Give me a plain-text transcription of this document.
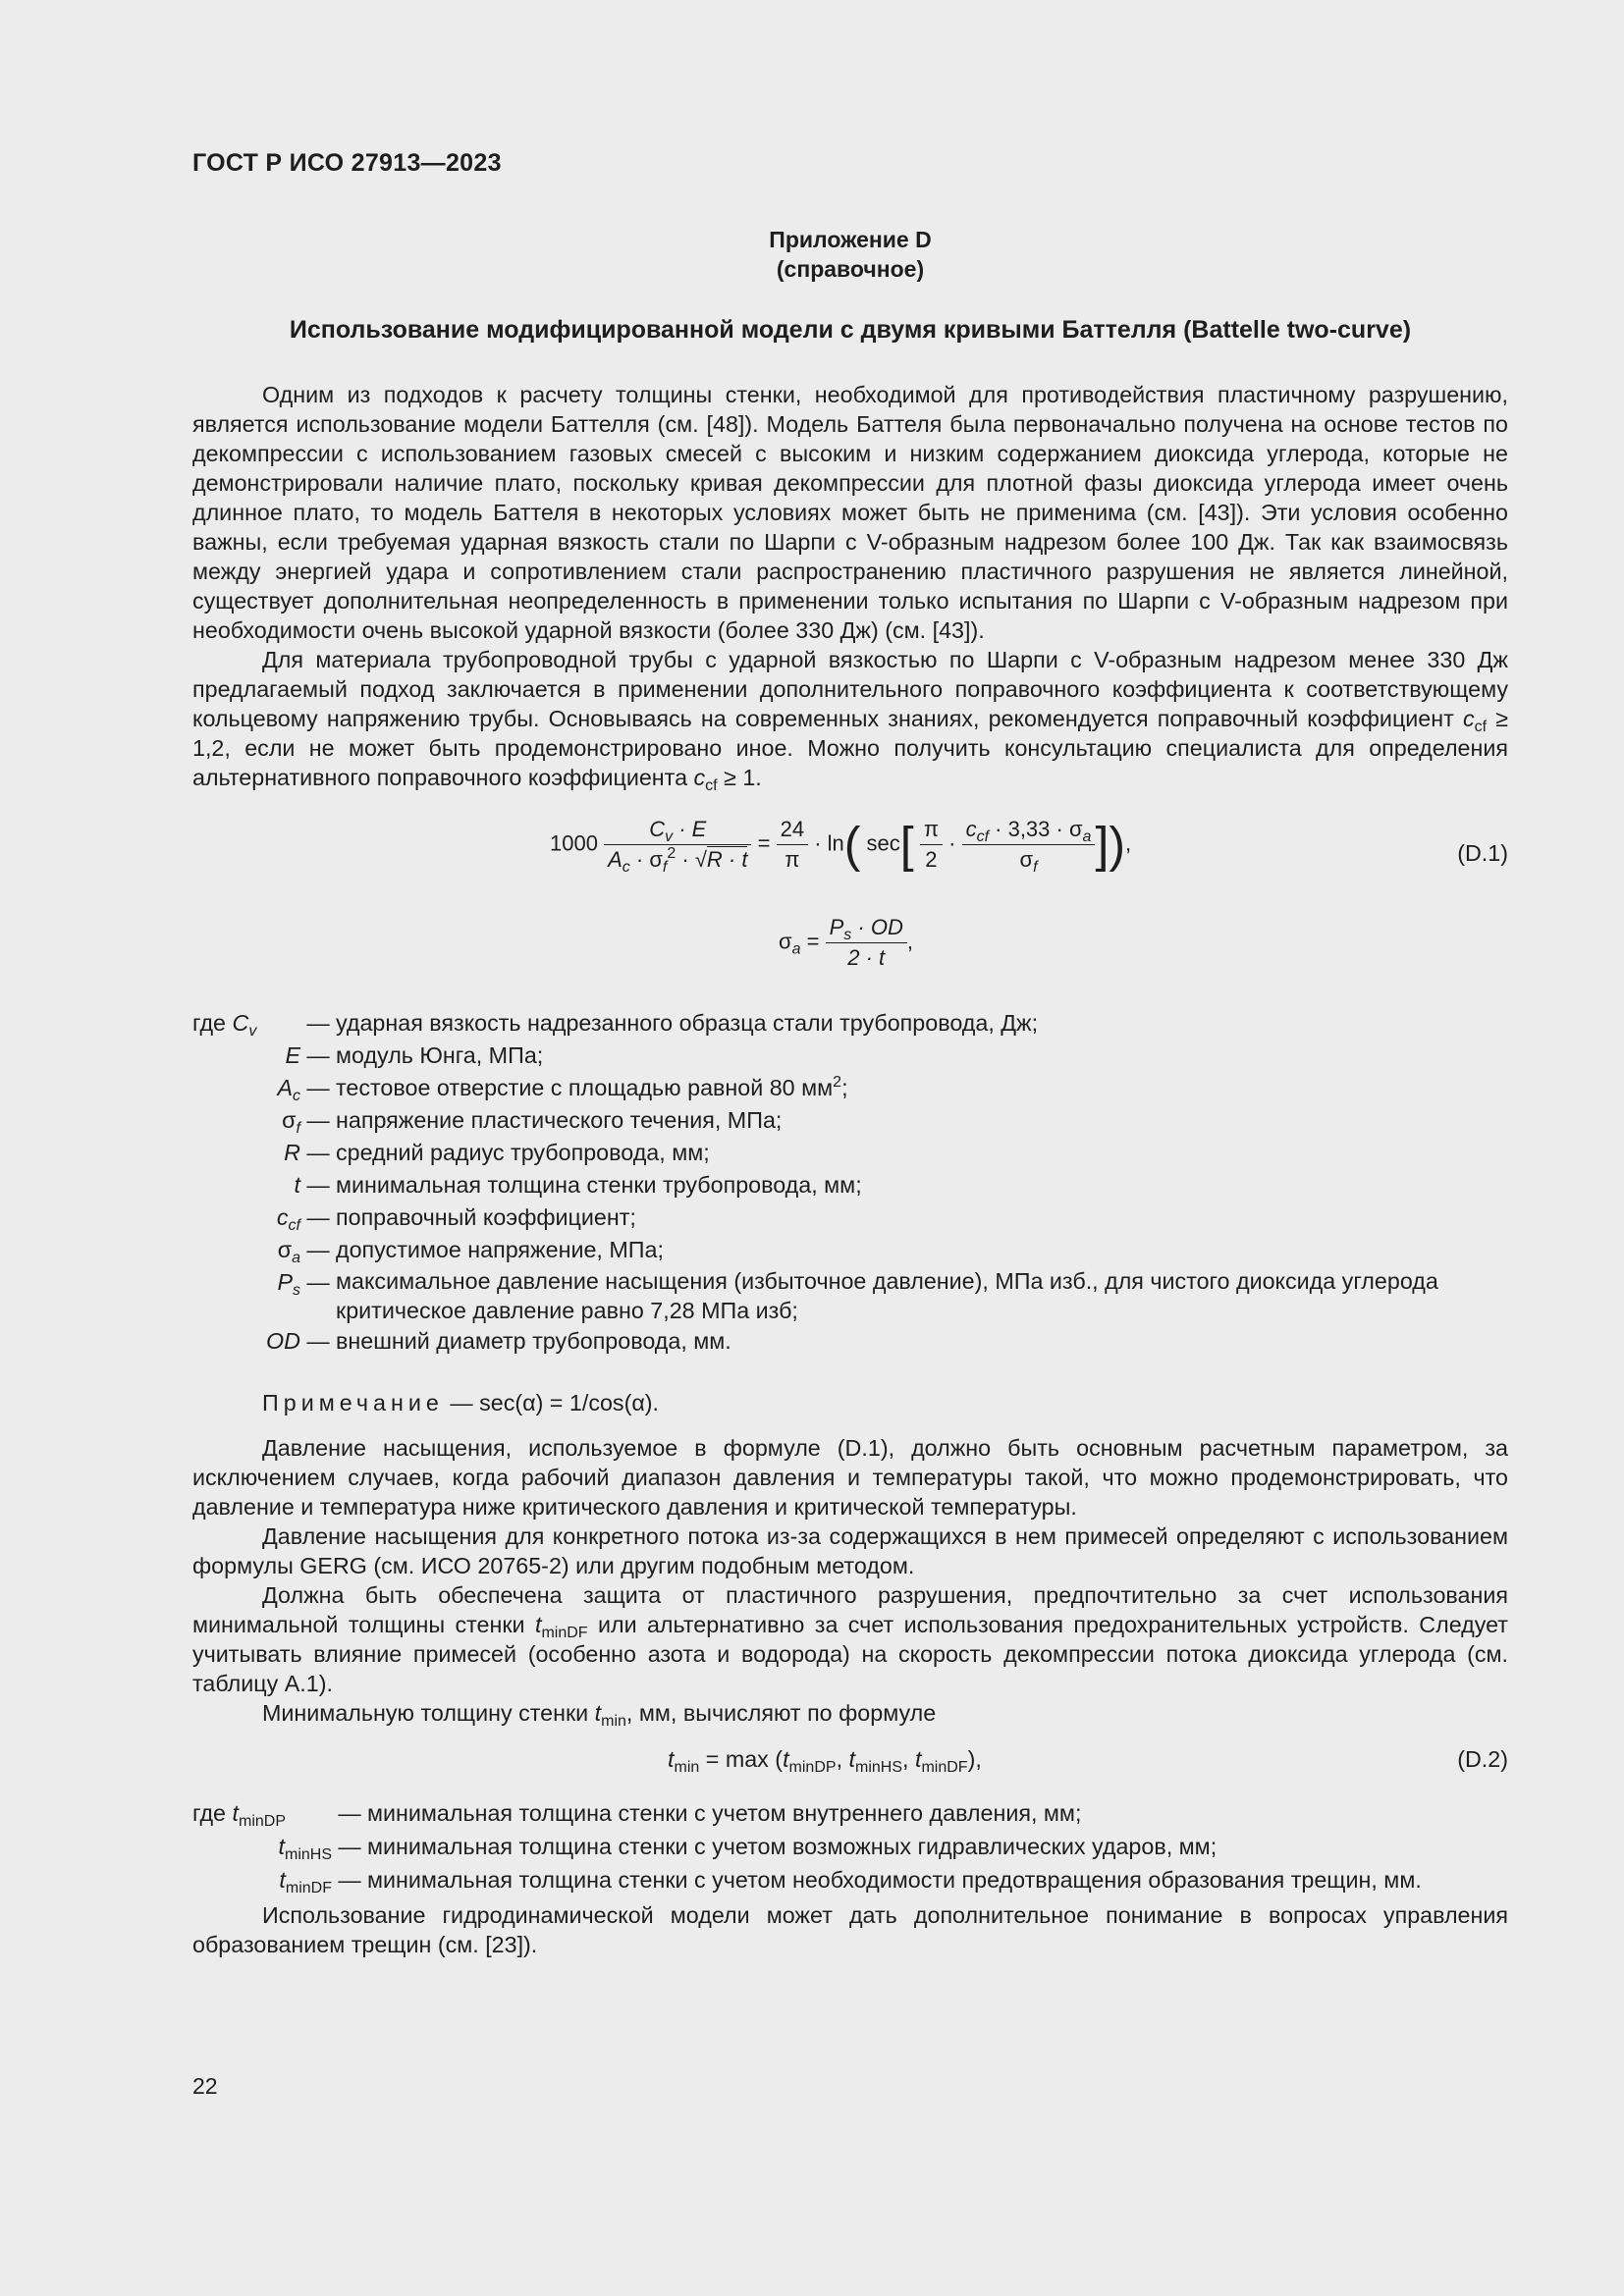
ГОСТ Р ИСО 27913—2023
Приложение D
(справочное)
Использование модифицированной модели с двумя кривыми Баттелля (Battelle two-curve)

Одним из подходов к расчету толщины стенки, необходимой для противодействия пластичному разрушению, является использование модели Баттелля (см. [48]). Модель Баттеля была первоначально получена на основе тестов по декомпрессии с использованием газовых смесей с высоким и низким содержанием диоксида углерода, которые не демонстрировали наличие плато, поскольку кривая декомпрессии для плотной фазы диоксида углерода имеет очень длинное плато, то модель Баттеля в некоторых условиях может быть не применима (см. [43]). Эти условия особенно важны, если требуемая ударная вязкость стали по Шарпи с V-образным надрезом более 100 Дж. Так как взаимосвязь между энергией удара и сопротивлением стали распространению пластичного разрушения не является линейной, существует дополнительная неопределенность в применении только испытания по Шарпи с V-образным надрезом при необходимости очень высокой ударной вязкости (более 330 Дж) (см. [43]).

Для материала трубопроводной трубы с ударной вязкостью по Шарпи с V-образным надрезом менее 330 Дж предлагаемый подход заключается в применении дополнительного поправочного коэффициента к соответствующему кольцевому напряжению трубы. Основываясь на современных знаниях, рекомендуется поправочный коэффициент $c_{cf} \ge 1,2$, если не может быть продемонстрировано иное. Можно получить консультацию специалиста для определения альтернативного поправочного коэффициента $c_{cf} \ge 1$.

$1000 \frac{C_v \cdot E}{A_c \cdot \sigma_f^2 \cdot √R \cdot t} = \frac{24}{\pi} \cdot \ln$( $\sec[ \frac{\pi}{2} \cdot \frac{c_{cf} \cdot 3,33 \cdot \sigma_a}{\sigma_f}$ ]),	(D.1)
$\sigma_a = \frac{P_s \cdot OD}{2 \cdot t}$ ,
где $C_v$	— ударная вязкость надрезанного образца стали трубопровода, Дж;
E — модуль Юнга, МПа;
$A_c$ — тестовое отверстие с площадью равной 80 $мм^2$;
$\sigma_f$ — напряжение пластического течения, МПа;
R — средний радиус трубопровода, мм;
t — минимальная толщина стенки трубопровода, мм;
$c_{cf}$ — поправочный коэффициент;
$\sigma_a$ — допустимое напряжение, МПа;
$P_s$ — максимальное давление насыщения (избыточное давление), МПа изб., для чистого диоксида углерода критическое давление равно 7,28 МПа изб;
OD — внешний диаметр трубопровода, мм.
Примечание — sec(α) = 1/cos(α).

Давление насыщения, используемое в формуле (D.1), должно быть основным расчетным параметром, за исключением случаев, когда рабочий диапазон давления и температуры такой, что можно продемонстрировать, что давление и температура ниже критического давления и критической температуры.

Давление насыщения для конкретного потока из-за содержащихся в нем примесей определяют с использованием формулы GERG (см. ИСО 20765-2) или другим подобным методом.

Должна быть обеспечена защита от пластичного разрушения, предпочтительно за счет использования минимальной толщины стенки $t_{minDF}$ или альтернативно за счет использования предохранительных устройств. Следует учитывать влияние примесей (особенно азота и водорода) на скорость декомпрессии потока диоксида углерода (см. таблицу А.1).

Минимальную толщину стенки $t_{min}$, мм, вычисляют по формуле

$t_{min} = \max (t_{minDP}$, $t_{minHS}$, $t_{minDF}$),	(D.2)
где $t_{minDP}$	— минимальная толщина стенки с учетом внутреннего давления, мм;
$t_{minHS}$ — минимальная толщина стенки с учетом возможных гидравлических ударов, мм;
$t_{minDF}$ — минимальная толщина стенки с учетом необходимости предотвращения образования трещин, мм.

Использование гидродинамической модели может дать дополнительное понимание в вопросах управления образованием трещин (см. [23]).

22
